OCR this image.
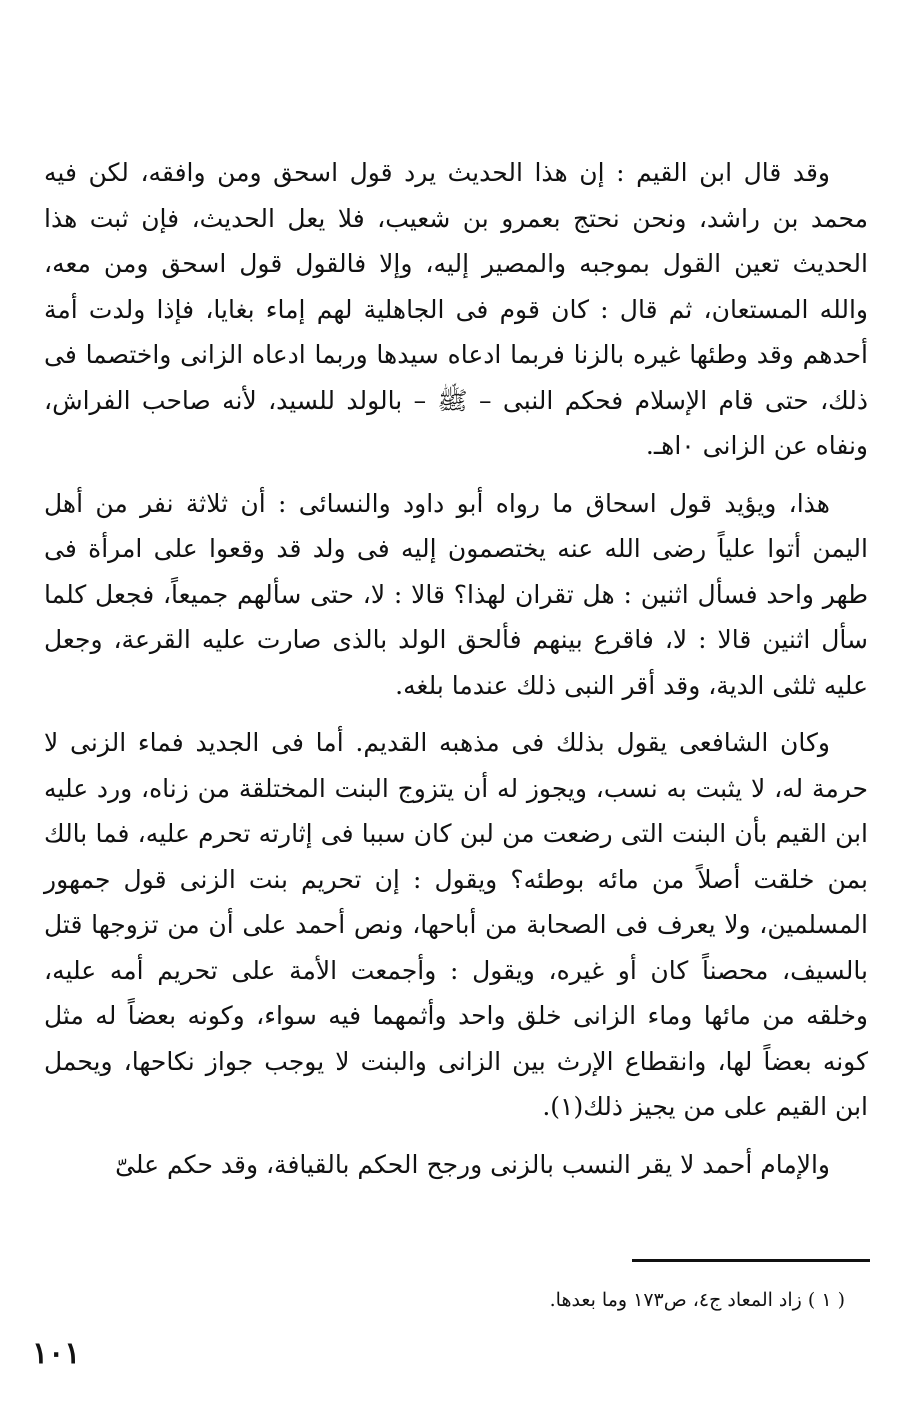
وقد قال ابن القيم : إن هذا الحديث يرد قول اسحق ومن وافقه، لكن فيه محمد بن راشد، ونحن نحتج بعمرو بن شعيب، فلا يعل الحديث، فإن ثبت هذا الحديث تعين القول بموجبه والمصير إليه، وإلا فالقول قول اسحق ومن معه، والله المستعان، ثم قال : كان قوم فى الجاهلية لهم إماء بغايا، فإذا ولدت أمة أحدهم وقد وطئها غيره بالزنا فربما ادعاه سيدها وربما ادعاه الزانى واختصما فى ذلك، حتى قام الإسلام فحكم النبى – ﷺ – بالولد للسيد، لأنه صاحب الفراش، ونفاه عن الزانى ٠اهـ.

هذا، ويؤيد قول اسحاق ما رواه أبو داود والنسائى : أن ثلاثة نفر من أهل اليمن أتوا علياً رضى الله عنه يختصمون إليه فى ولد قد وقعوا على امرأة فى طهر واحد فسأل اثنين : هل تقران لهذا؟ قالا : لا، حتى سألهم جميعاً، فجعل كلما سأل اثنين قالا : لا، فاقرع بينهم فألحق الولد بالذى صارت عليه القرعة، وجعل عليه ثلثى الدية، وقد أقر النبى ذلك عندما بلغه.

وكان الشافعى يقول بذلك فى مذهبه القديم. أما فى الجديد فماء الزنى لا حرمة له، لا يثبت به نسب، ويجوز له أن يتزوج البنت المختلقة من زناه، ورد عليه ابن القيم بأن البنت التى رضعت من لبن كان سببا فى إثارته تحرم عليه، فما بالك بمن خلقت أصلاً من مائه بوطئه؟ ويقول : إن تحريم بنت الزنى قول جمهور المسلمين، ولا يعرف فى الصحابة من أباحها، ونص أحمد على أن من تزوجها قتل بالسيف، محصناً كان أو غيره، ويقول : وأجمعت الأمة على تحريم أمه عليه، وخلقه من مائها وماء الزانى خلق واحد وأثمهما فيه سواء، وكونه بعضاً له مثل كونه بعضاً لها، وانقطاع الإرث بين الزانى والبنت لا يوجب جواز نكاحها، ويحمل ابن القيم على من يجيز ذلك(١).

والإمام أحمد لا يقر النسب بالزنى ورجح الحكم بالقيافة، وقد حكم علىّ

( ١ ) زاد المعاد ج٤، ص١٧٣ وما بعدها.
١٠١
